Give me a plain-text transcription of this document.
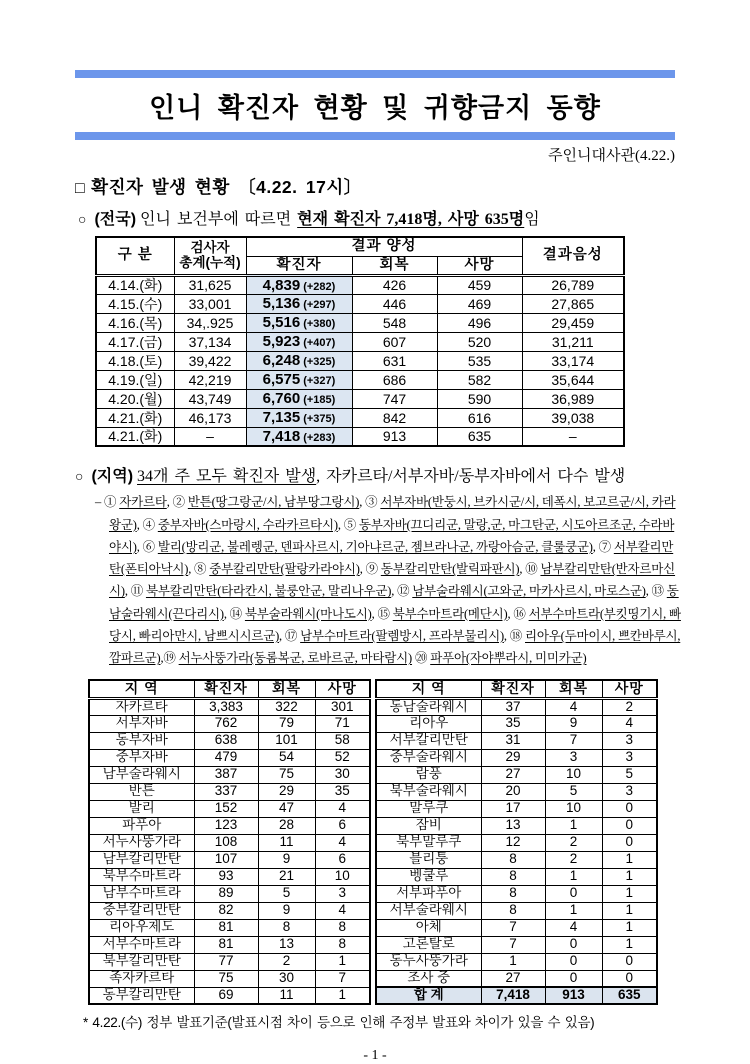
인니 확진자 현황 및 귀향금지 동향
주인니대사관(4.22.)
□ 확진자 발생 현황 〔4.22. 17시〕
○ (전국) 인니 보건부에 따르면 현재 확진자 7,418명, 사망 635명임
구 분	검사자
총계(누적)	결과 양성			결과음성
		확진자	회복	사망	
4.14.(화)	31,625	4,839 (+282)	426	459	26,789
4.15.(수)	33,001	5,136 (+297)	446	469	27,865
4.16.(목)	34,.925	5,516 (+380)	548	496	29,459
4.17.(금)	37,134	5,923 (+407)	607	520	31,211
4.18.(토)	39,422	6,248 (+325)	631	535	33,174
4.19.(일)	42,219	6,575 (+327)	686	582	35,644
4.20.(월)	43,749	6,760 (+185)	747	590	36,989
4.21.(화)	46,173	7,135 (+375)	842	616	39,038
4.21.(화)	–	7,418 (+283)	913	635	–
○ (지역) 34개 주 모두 확진자 발생, 자카르타/서부자바/동부자바에서 다수 발생

– ① 자카르타, ② 반튼(땅그랑군/시, 남부땅그랑시), ③ 서부자바(반둥시, 브카시군/시, 데폭시, 보고르군/시, 카라왕군), ④ 중부자바(스마랑시, 수라카르타시), ⑤ 동부자바(끄디리군, 말랑,군, 마그탄군, 시도아르조군, 수라바야시), ⑥ 발리(방리군, 불레렝군, 덴파사르시, 기아냐르군, 젬브라나군, 까랑아슴군, 클룰쿵군), ⑦ 서부칼리만탄(폰티아낙시), ⑧ 중부칼리만탄(팔랑카라야시), ⑨ 동부칼리만탄(발릭파판시), ⑩ 남부칼리만탄(반자르마신시), ⑪ 북부칼리만탄(타라칸시, 불룽안군, 말리나우군), ⑫ 남부술라웨시(고와군, 마카사르시, 마로스군), ⑬ 동남술라웨시(끈다리시), ⑭ 북부술라웨시(마나도시), ⑮ 북부수마트라(메단시), ⑯ 서부수마트라(부킷띵기시, 빠당시, 빠리아만시, 남쁘시시르군), ⑰ 남부수마트라(팔렘방시, 프라부물리시), ⑱ 리아우(두마이시, 쁘칸바루시, 깜파르군),⑲ 서누사뚱가라(동롬복군, 로바르군, 마타람시) ⑳ 파푸아(자야뿌라시, 미미카군)

지 역	확진자	회복	사망
자카르타	3,383	322	301
서부자바	762	79	71
동부자바	638	101	58
중부자바	479	54	52
남부술라웨시	387	75	30
반튼	337	29	35
발리	152	47	4
파푸아	123	28	6
서누사뚱가라	108	11	4
남부칼리만탄	107	9	6
북부수마트라	93	21	10
남부수마트라	89	5	3
중부칼리만탄	82	9	4
리아우제도	81	8	8
서부수마트라	81	13	8
북부칼리만탄	77	2	1
족자카르타	75	30	7
동부칼리만탄	69	11	1
지 역	확진자	회복	사망
동남술라웨시	37	4	2
리아우	35	9	4
서부칼리만탄	31	7	3
중부술라웨시	29	3	3
람풍	27	10	5
북부술라웨시	20	5	3
말루쿠	17	10	0
잠비	13	1	0
북부말루쿠	12	2	0
블리퉁	8	2	1
벵쿨루	8	1	1
서부파푸아	8	0	1
서부술라웨시	8	1	1
아체	7	4	1
고론탈로	7	0	1
동누사뚱가라	1	0	0
조사 중	27	0	0
합 계	7,418	913	635
* 4.22.(수) 정부 발표기준(발표시점 차이 등으로 인해 주정부 발표와 차이가 있을 수 있음)
- 1 -
